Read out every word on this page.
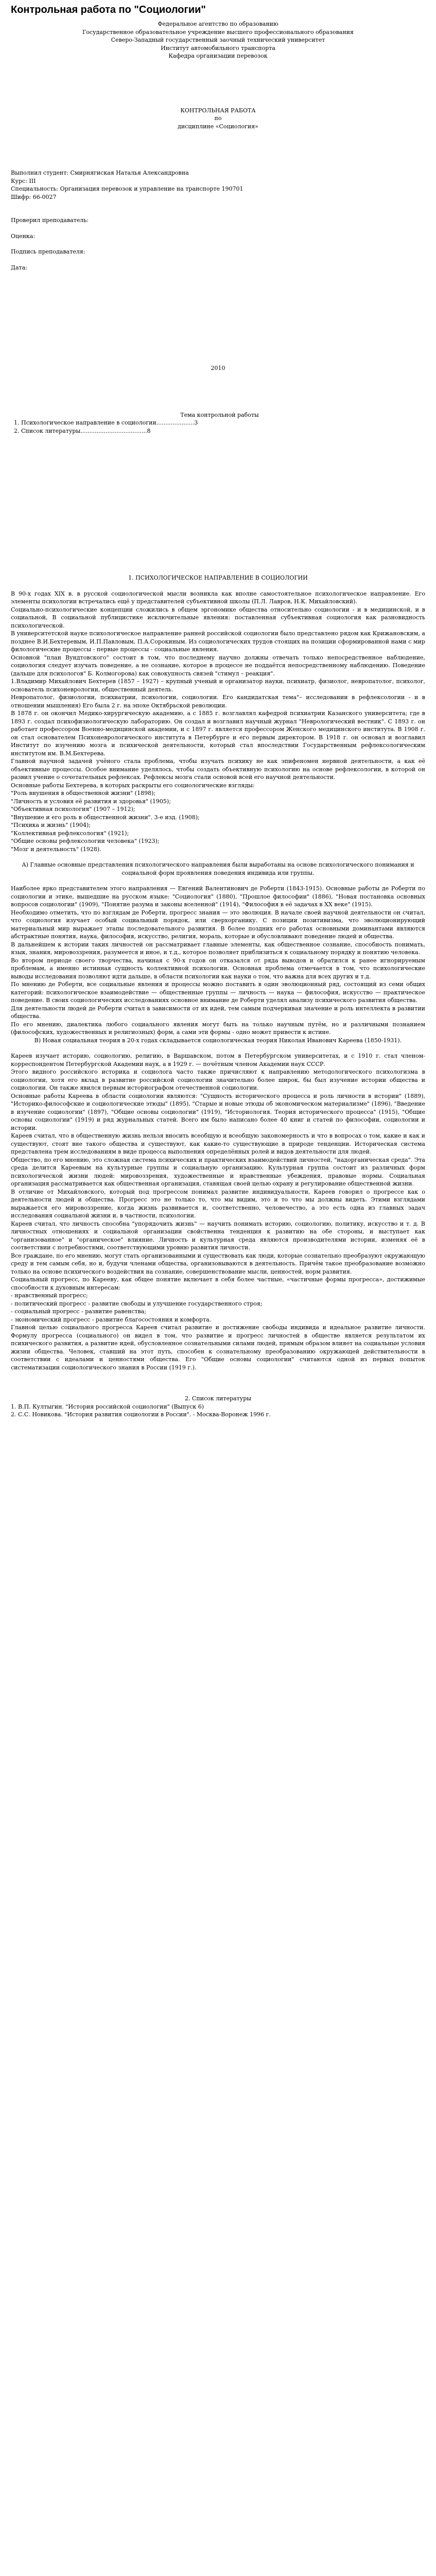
Контрольная работа по "Социологии"

Федеральное агентство по образованию

Государственное образовательное учреждение высшего профессионального образования

Северо-Западный государственный заочный технический университет

Институт автомобильного транспорта

Кафедра организации перевозок

КОНТРОЛЬНАЯ РАБОТА

по

дисциплине «Социология»

Выполнил студент: Смирнягиская Наталья Александровна

Курс: III

Специальность: Организация перевозок и управление на транспорте 190701

Шифр: 66-0027

Проверил преподаватель:

Оценка:

Подпись преподавателя:

Дата:

2010

Тема контрольной работы

1. Психологическое направление в социологии.....................3

2. Список литературы.....................................8

1. ПСИХОЛОГИЧЕСКОЕ НАПРАВЛЕНИЕ В СОЦИОЛОГИИ

В 90-х годах XIX в. в русской социологической мысли возникла как вполне самостоятельное психологическое направление. Его элементы психологии встречались ещё у представителей субъективной школы (П.Л. Лавров, Н.К. Михайловский).

Социально-психологические концепции сложились в общем эргономике общества относительно социологии - и в медицинской, и в социальной, В социальной публицистике исключительные явления: поставленная субъективная социология как разновидность психологической.

В университетской науке психологическое направление ранней российской социологии было представлено рядом как Крижановским, а позднее В.И.Бехтеревым, И.П.Павловым, П.А.Сорокиным. Из социологических трудов стоящих на позиции сформированной нами с мир филологические процессы - первые процессы - социальные явления.

Основной "план Вундтовского" состоит в том, что последнему научно должны отвечать только непосредственное наблюдение, социология следует изучать поведение, а не сознание, которое в процессе не поддаётся непосредственному наблюдению. Поведение (дальше для психологов" Б. Колмогорова) как совокупность связей "стимул – реакция".

1.Владимир Михайлович Бехтерев (1857 – 1927) – крупный ученый и организатор науки, психиатр, физиолог, невропатолог, психолог, основатель психоневрологии, общественный деятель.

Невропатолог, физиологии, психиатрии, психологии, социологии. Его кандидатская тема"– исследовании в рефлексологии - и в отношении мышления) Его была 2 г. на эпохе Октябрьской революции.

В 1878 г. он окончил Медико-хирургическую академию, а с 1885 г. возглавлял кафедрой психиатрии Казанского университета; где в 1893 г. создал психофизиологическую лабораторию. Он создал и возглавил научный журнал "Неврологический вестник". С 1893 г. он работает профессором Военно-медицинской академии, и с 1897 г. является профессором Женского медицинского института. В 1908 г. он стал основателем Психоневрологического института в Петербурге и его первым директором. В 1918 г. он основал и возглавил Институт по изучению мозга и психической деятельности, который стал впоследствии Государственным рефлексологическим институтом им. В.М.Бехтерева.

Главной научной задачей учёного стала проблема, чтобы изучать психику не как эпифеномен нервной деятельности, а как её объективные процессы. Особое внимание уделялось, чтобы создать объективную психологию на основе рефлексологии, в которой он развил учение о сочетательных рефлексах. Рефлексы мозга стали основой всей его научной деятельности.

Основные работы Бехтерева, в которых раскрыты его социологические взгляды:

"Роль внушения в общественной жизни" (1898);

"Личность и условия её развития и здоровья" (1905);

"Объективная психология" (1907 – 1912);

"Внушение и его роль в общественной жизни". 3-е изд. (1908);

"Психика и жизнь" (1904);

"Коллективная рефлексология" (1921);

"Общие основы рефлексологии человека" (1923);

"Мозг и деятельность" (1928).

А) Главные основные представления психологического направления были выработаны на основе психологического понимания и социальной форм проявления поведения индивида или группы.

Наиболее ярко представителем этого направления — Евгений Валентинович де Роберти (1843-1915). Основные работы де Роберти по социологии и этике, вышедшие на русском языке: "Социология" (1880), "Прошлое философии" (1886), "Новая постановка основных вопросов социологии" (1909), "Понятие разума и законы вселенной" (1914), "Философия в её задачах в XX веке" (1915).

Необходимо отметить, что по взглядам де Роберти, прогресс знания — это эволюция. В начале своей научной деятельности он считал, что социология изучает особый социальный порядок, или сверхорганику. С позиции позитивизма, что эволюционирующий материальный мир выражает этапы последовательного развития. В более поздних его работах основными доминантами являются абстрактные понятия, наука, философия, искусство, религия, мораль, которые и обусловливают поведение людей и общества.

В дальнейшем к истории таких личностей он рассматривает главные элементы, как общественное сознание, способность понимать, язык, знания, мировоззрения, разумеется и иное, и т.д., которое позволяет приблизиться к социальному порядку и понятию человека.

Во втором периоде своего творчества, начиная с 90-х годов он отказался от ряда выводов и обратился к ранее игнорируемым проблемам, а именно истинная сущность коллективной психологии. Основная проблема отмечается в том, что психологические выводы исследования позволяют идти дальше, в области психологии как науки о том, что важна для всех других и т.д.

По мнению де Роберти, все социальные явления и процессы можно поставить в один эволюционный ряд, состоящий из семи общих категорий: психологическое взаимодействие — общественные группы — личность — наука — философия, искусство — практическое поведение. В своих социологических исследованиях основное внимание де Роберти уделял анализу психического развития общества.

Для деятельности людей де Роберти считал в зависимости от их идей, тем самым подчеркивая значение и роль интеллекта в развитии общества.

По его мнению, диалектика любого социального явления могут быть на только научным путём, но и различными познанием (философских, художественных и религиозных) форм, а сами эти формы - одно может привести к истине.

В) Новая социальная теория в 20-х годах складывается социологическая теория Николая Иванович Кареева (1850-1931).

Кареев изучает историю, социологию, религию, в Варшавском, потом в Петербургском университетах, и с 1910 г. стал членом-корреспондентом Петербургской Академии наук, а в 1929 г. — почётным членом Академии наук СССР.

Этого видного российского историка и социолога часто также причисляют к направлению методологического психологизма в социологии, хотя его вклад в развитие российской социологии значительно более широк, бы был изучение истории общества и социологии. Он также явился первым историографом отечественной социологии.

Основные работы Кареева в области социологии являются: "Сущность исторического процесса и роль личности в истории" (1889), "Историко-философские и социологические этюды" (1895), "Старые и новые этюды об экономическом материализме" (1896), "Введение в изучение социологии" (1897), "Общие основы социологии" (1919), "Историология. Теория исторического процесса" (1915), "Общие основы социологии" (1919) и ряд журнальных статей. Всего им было написано более 40 книг и статей по философии, социологии и истории.

Кареев считал, что в общественную жизнь нельзя вносить всеобщую и всеобщую закономерность и что в вопросах о том, какие и как и существуют, стоят вне такого общества и существуют, как какие-то существующие в природе тенденции. Историческая система представлена трем исследованиям в виде процесса выполнения определённых ролей и видов деятельности для людей.

Общество, по его мнению, это сложная система психических и практических взаимодействий личностей, "надорганическая среда". Эта среда делится Кареевым на культурные группы и социальную организацию. Культурная группа состоит из различных форм психологической жизни людей: мировоззрения, художественные и нравственные убеждения, правовые нормы. Социальная организация рассматривается как общественная организация, ставящая своей целью охрану и регулирование общественной жизни.

В отличие от Михайловского, который под прогрессом понимал развитие индивидуальности, Кареев говорил о прогрессе как о деятельности людей и общества. Прогресс это не только то, что мы видим, это и то что мы должны видеть. Этими взглядами выражается его мировоззрение, когда жизнь развивается и, соответственно, человечество, а это есть одна из главных задач исследования социальной жизни и, в частности, психологии.

Кареев считал, что личность способна "упорядочить жизнь" — научить понимать историю, социологию, политику, искусство и т. д. В личностных отношениях и социальной организации свойственна тенденция к развитию на обе стороны, и выступает как "организованное" и "органическое" влияние. Личность и культурная среда являются производителями истории, изменяя её в соответствии с потребностями, соответствующими уровню развития личности.

Все граждане, по его мнению, могут стать организованными и существовать как люди, которые сознательно преобразуют окружающую среду и тем самым себя, но и, будучи членами общества, организовываются в деятельность. Причём такое преобразование возможно только на основе психического воздействия на сознание, совершенствование мысли, ценностей, норм развития.

Социальный прогресс, по Карееву, как общее понятие включает в себя более частные, «частичные формы прогресса», достижимые способности к духовным интересам:

- нравственный прогресс;

- политический прогресс - развитие свободы и улучшение государственного строя;

- социальный прогресс - развитие равенства;

- экономический прогресс - развитие благосостояния и комфорта.

Главной целью социального прогресса Кареев считал развитие и достижение свободы индивида и идеальное развитие личности. Формулу прогресса (социального) он видел в том, что развитие и прогресс личностей в обществе является результатом их психического развития, а развитие идей, обусловленное сознательными силами людей, прямым образом влияет на социальные условия жизни общества. Человек, ставший на этот путь, способен к сознательному преобразованию окружающей действительности в соответствии с идеалами и ценностями общества. Его "Общие основы социологии" считаются одной из первых попыток систематизации социологического знания в России (1919 г.).

2. Список литературы

1. В.П. Култыгин. "История российской социологии" (Выпуск 6)

2. С.С. Новикова. "История развития социологии в России". - Москва-Воронеж 1996 г.
